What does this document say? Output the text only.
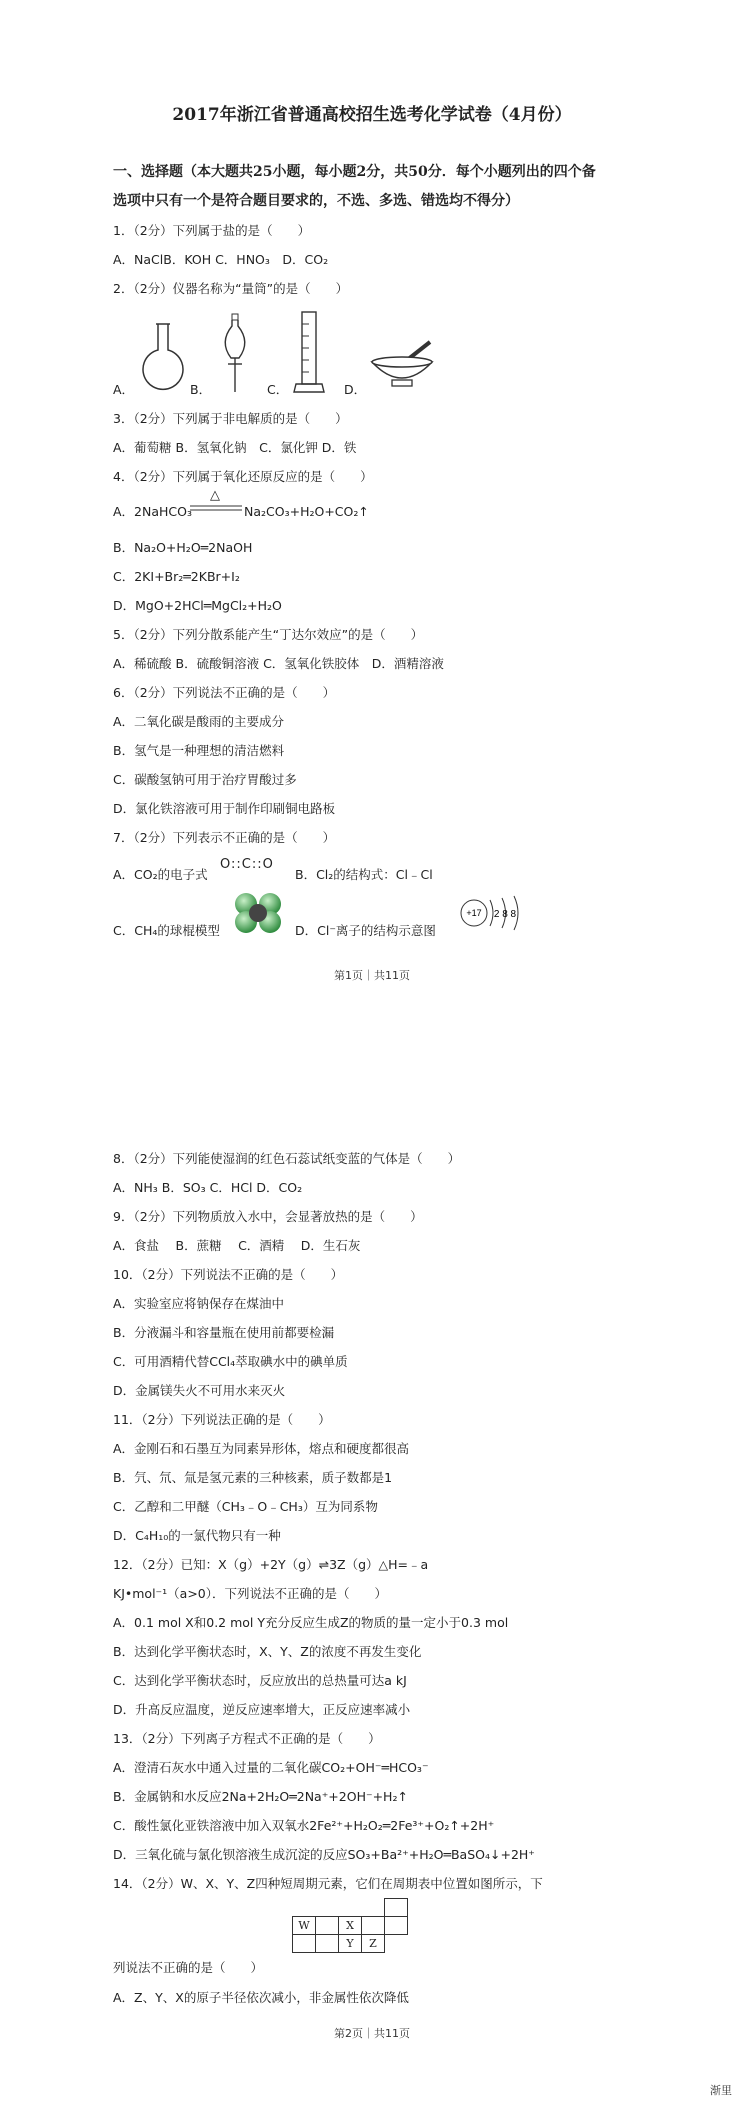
2017年浙江省普通高校招生选考化学试卷（4月份）
一、选择题（本大题共25小题，每小题2分，共50分．每个小题列出的四个备
选项中只有一个是符合题目要求的，不选、多选、错选均不得分）
1．（2分）下列属于盐的是（　　）
A．NaClB．KOH C．HNO₃　D．CO₂
2．（2分）仪器名称为“量筒”的是（　　）
A．	B．	C．	D．
3．（2分）下列属于非电解质的是（　　）
A．葡萄糖 B．氢氧化钠　C．氯化钾 D．铁
4．（2分）下列属于氧化还原反应的是（　　）
A．2NaHCO₃
△
Na₂CO₃+H₂O+CO₂↑
B．Na₂O+H₂O═2NaOH
C．2KI+Br₂═2KBr+I₂
D．MgO+2HCl═MgCl₂+H₂O
5．（2分）下列分散系能产生“丁达尔效应”的是（　　）
A．稀硫酸 B．硫酸铜溶液 C．氢氧化铁胶体　D．酒精溶液
6．（2分）下列说法不正确的是（　　）
A．二氧化碳是酸雨的主要成分
B．氢气是一种理想的清洁燃料
C．碳酸氢钠可用于治疗胃酸过多
D．氯化铁溶液可用于制作印刷铜电路板
7．（2分）下列表示不正确的是（　　）
A．CO₂的电子式
O::C::O
B．Cl₂的结构式：Cl﹣Cl
C．CH₄的球棍模型	D．Cl⁻离子的结构示意图
+17 2 8 8
第1页｜共11页
8．（2分）下列能使湿润的红色石蕊试纸变蓝的气体是（　　）
A．NH₃ B．SO₃ C．HCl D．CO₂
9．（2分）下列物质放入水中，会显著放热的是（　　）
A．食盐　 B．蔗糖　 C．酒精　 D．生石灰
10．（2分）下列说法不正确的是（　　）
A．实验室应将钠保存在煤油中
B．分液漏斗和容量瓶在使用前都要检漏
C．可用酒精代替CCl₄萃取碘水中的碘单质
D．金属镁失火不可用水来灭火
11．（2分）下列说法正确的是（　　）
A．金刚石和石墨互为同素异形体，熔点和硬度都很高
B．氕、氘、氚是氢元素的三种核素，质子数都是1
C．乙醇和二甲醚（CH₃﹣O﹣CH₃）互为同系物
D．C₄H₁₀的一氯代物只有一种
12．（2分）已知：X（g）+2Y（g）⇌3Z（g）△H=﹣a
KJ•mol⁻¹（a>0）．下列说法不正确的是（　　）
A．0.1 mol X和0.2 mol Y充分反应生成Z的物质的量一定小于0.3 mol
B．达到化学平衡状态时，X、Y、Z的浓度不再发生变化
C．达到化学平衡状态时，反应放出的总热量可达a kJ
D．升高反应温度，逆反应速率增大，正反应速率减小
13．（2分）下列离子方程式不正确的是（　　）
A．澄清石灰水中通入过量的二氧化碳CO₂+OH⁻═HCO₃⁻
B．金属钠和水反应2Na+2H₂O═2Na⁺+2OH⁻+H₂↑
C．酸性氯化亚铁溶液中加入双氧水2Fe²⁺+H₂O₂═2Fe³⁺+O₂↑+2H⁺
D．三氧化硫与氯化钡溶液生成沉淀的反应SO₃+Ba²⁺+H₂O═BaSO₄↓+2H⁺
14．（2分）W、X、Y、Z四种短周期元素，它们在周期表中位置如图所示，下

W		X		
		Y	Z	
列说法不正确的是（　　）
A．Z、Y、X的原子半径依次减小，非金属性依次降低
第2页｜共11页
渐里
